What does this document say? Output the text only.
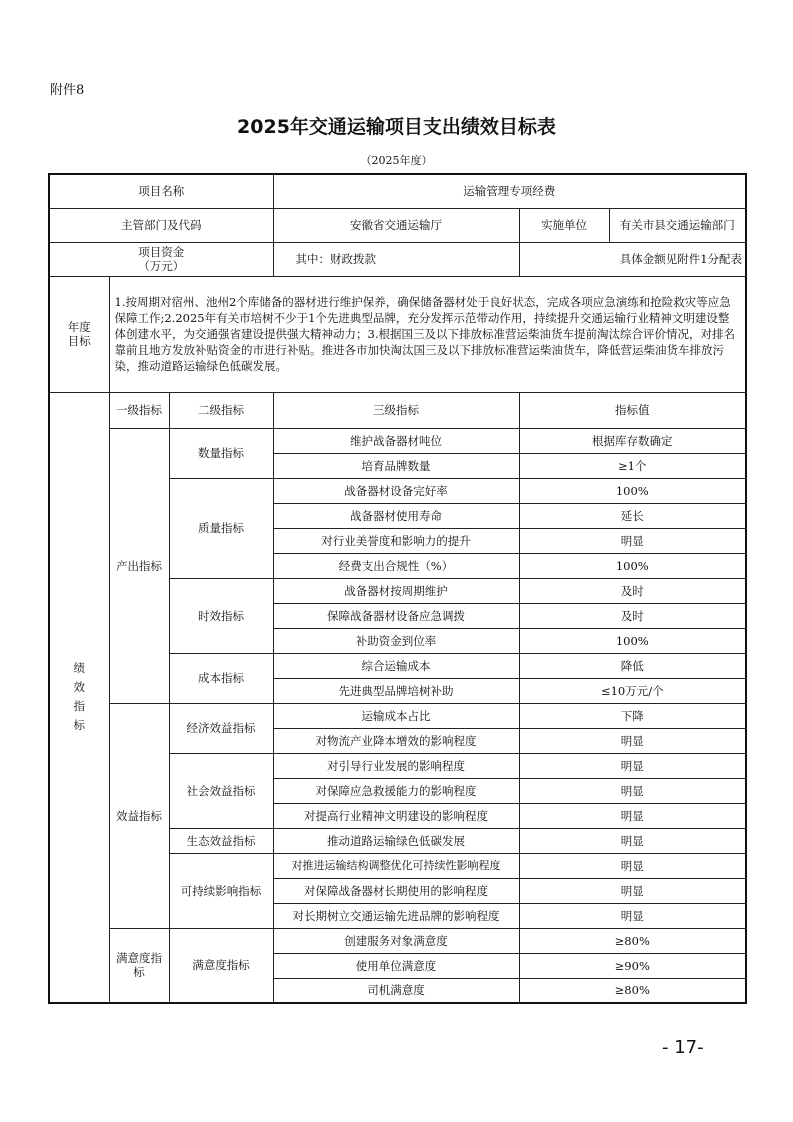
附件8
2025年交通运输项目支出绩效目标表
（2025年度）
项目名称			运输管理专项经费		
主管部门及代码			安徽省交通运输厅	实施单位	有关市县交通运输部门

项目资金
（万元）			其中：财政拨款	具体金额见附件1分配表	

年度
目标	1.按周期对宿州、池州2个库储备的器材进行维护保养，确保储备器材处于良好状态，完成各项应急演练和抢险救灾等应急保障工作;2.2025年有关市培树不少于1个先进典型品牌，充分发挥示范带动作用，持续提升交通运输行业精神文明建设整体创建水平，为交通强省建设提供强大精神动力；3.根据国三及以下排放标准营运柴油货车提前淘汰综合评价情况，对排名靠前且地方发放补贴资金的市进行补贴。推进各市加快淘汰国三及以下排放标准营运柴油货车，降低营运柴油货车排放污染，推动道路运输绿色低碳发展。				

绩
效
指
标	一级指标	二级指标	三级指标	指标值	
	产出指标	数量指标	维护战备器材吨位	根据库存数确定	
			培育品牌数量	≥1个	
		质量指标	战备器材设备完好率	100%	
			战备器材使用寿命	延长	
			对行业美誉度和影响力的提升	明显	
			经费支出合规性（%）	100%	
		时效指标	战备器材按周期维护	及时	
			保障战备器材设备应急调拨	及时	
			补助资金到位率	100%	
		成本指标	综合运输成本	降低	
			先进典型品牌培树补助	≤10万元/个	
	效益指标	经济效益指标	运输成本占比	下降	
			对物流产业降本增效的影响程度	明显	
		社会效益指标	对引导行业发展的影响程度	明显	
			对保障应急救援能力的影响程度	明显	
			对提高行业精神文明建设的影响程度	明显	
		生态效益指标	推动道路运输绿色低碳发展	明显	
		可持续影响指标	对推进运输结构调整优化可持续性影响程度	明显	
			对保障战备器材长期使用的影响程度	明显	
			对长期树立交通运输先进品牌的影响程度	明显	
	满意度指标	满意度指标	创建服务对象满意度	≥80%	
			使用单位满意度	≥90%	
			司机满意度	≥80%	
- 17-
